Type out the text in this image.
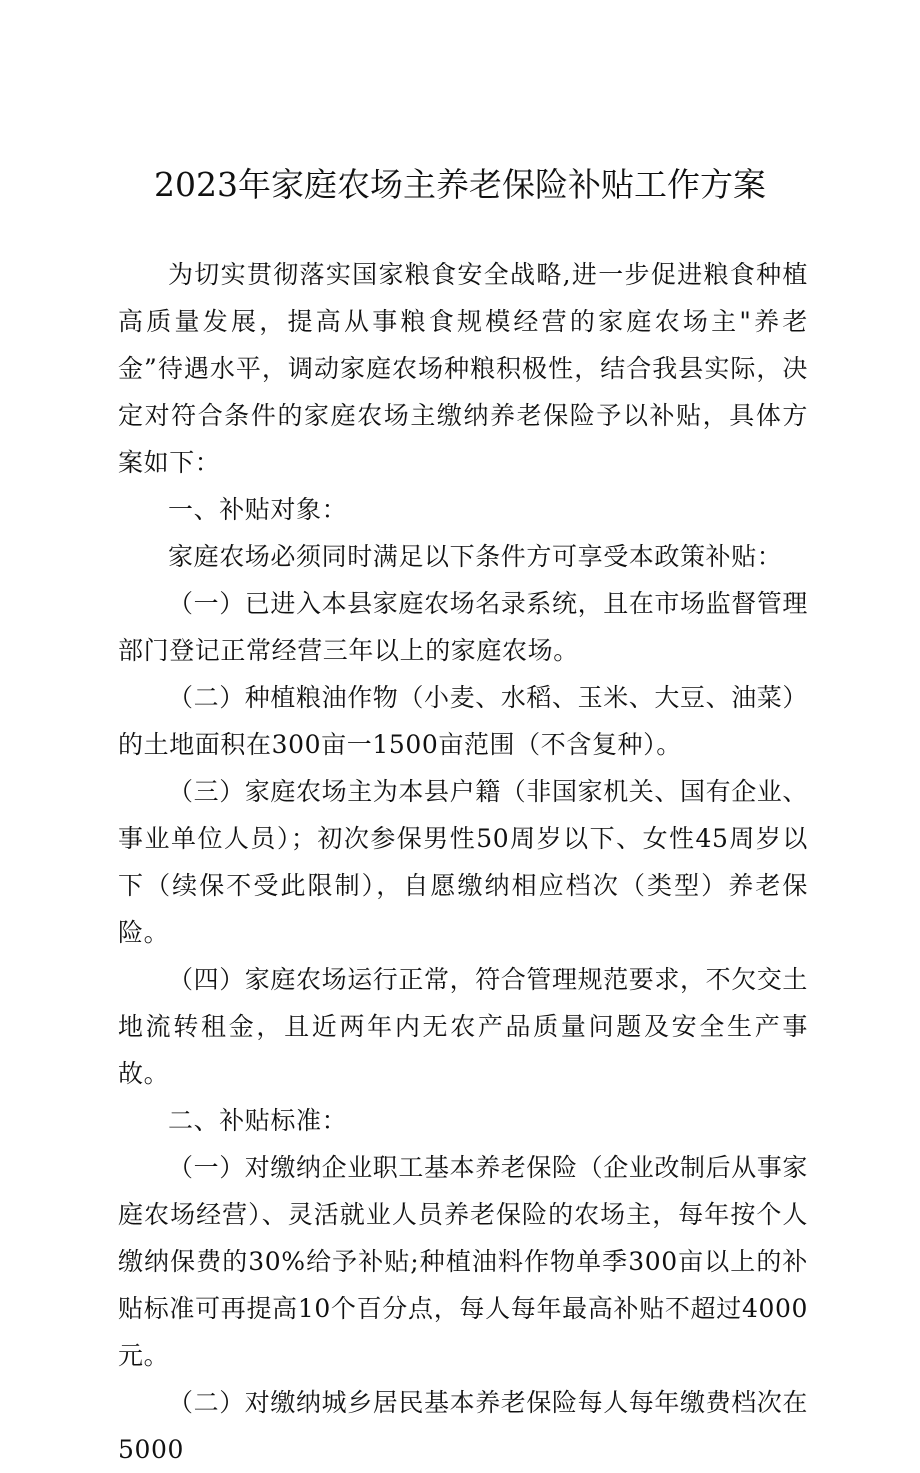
2023年家庭农场主养老保险补贴工作方案

为切实贯彻落实国家粮食安全战略,进一步促进粮食种植高质量发展，提高从事粮食规模经营的家庭农场主"养老金”待遇水平，调动家庭农场种粮积极性，结合我县实际，决定对符合条件的家庭农场主缴纳养老保险予以补贴，具体方案如下：

一、补贴对象：

家庭农场必须同时满足以下条件方可享受本政策补贴：

（一）已进入本县家庭农场名录系统，且在市场监督管理部门登记正常经营三年以上的家庭农场。

（二）种植粮油作物（小麦、水稻、玉米、大豆、油菜）的土地面积在300亩一1500亩范围（不含复种）。

（三）家庭农场主为本县户籍（非国家机关、国有企业、事业单位人员）；初次参保男性50周岁以下、女性45周岁以下（续保不受此限制），自愿缴纳相应档次（类型）养老保险。

（四）家庭农场运行正常，符合管理规范要求，不欠交土地流转租金，且近两年内无农产品质量问题及安全生产事故。

二、补贴标准：

（一）对缴纳企业职工基本养老保险（企业改制后从事家庭农场经营）、灵活就业人员养老保险的农场主，每年按个人缴纳保费的30%给予补贴;种植油料作物单季300亩以上的补贴标准可再提高10个百分点，每人每年最高补贴不超过4000元。

（二）对缴纳城乡居民基本养老保险每人每年缴费档次在5000
